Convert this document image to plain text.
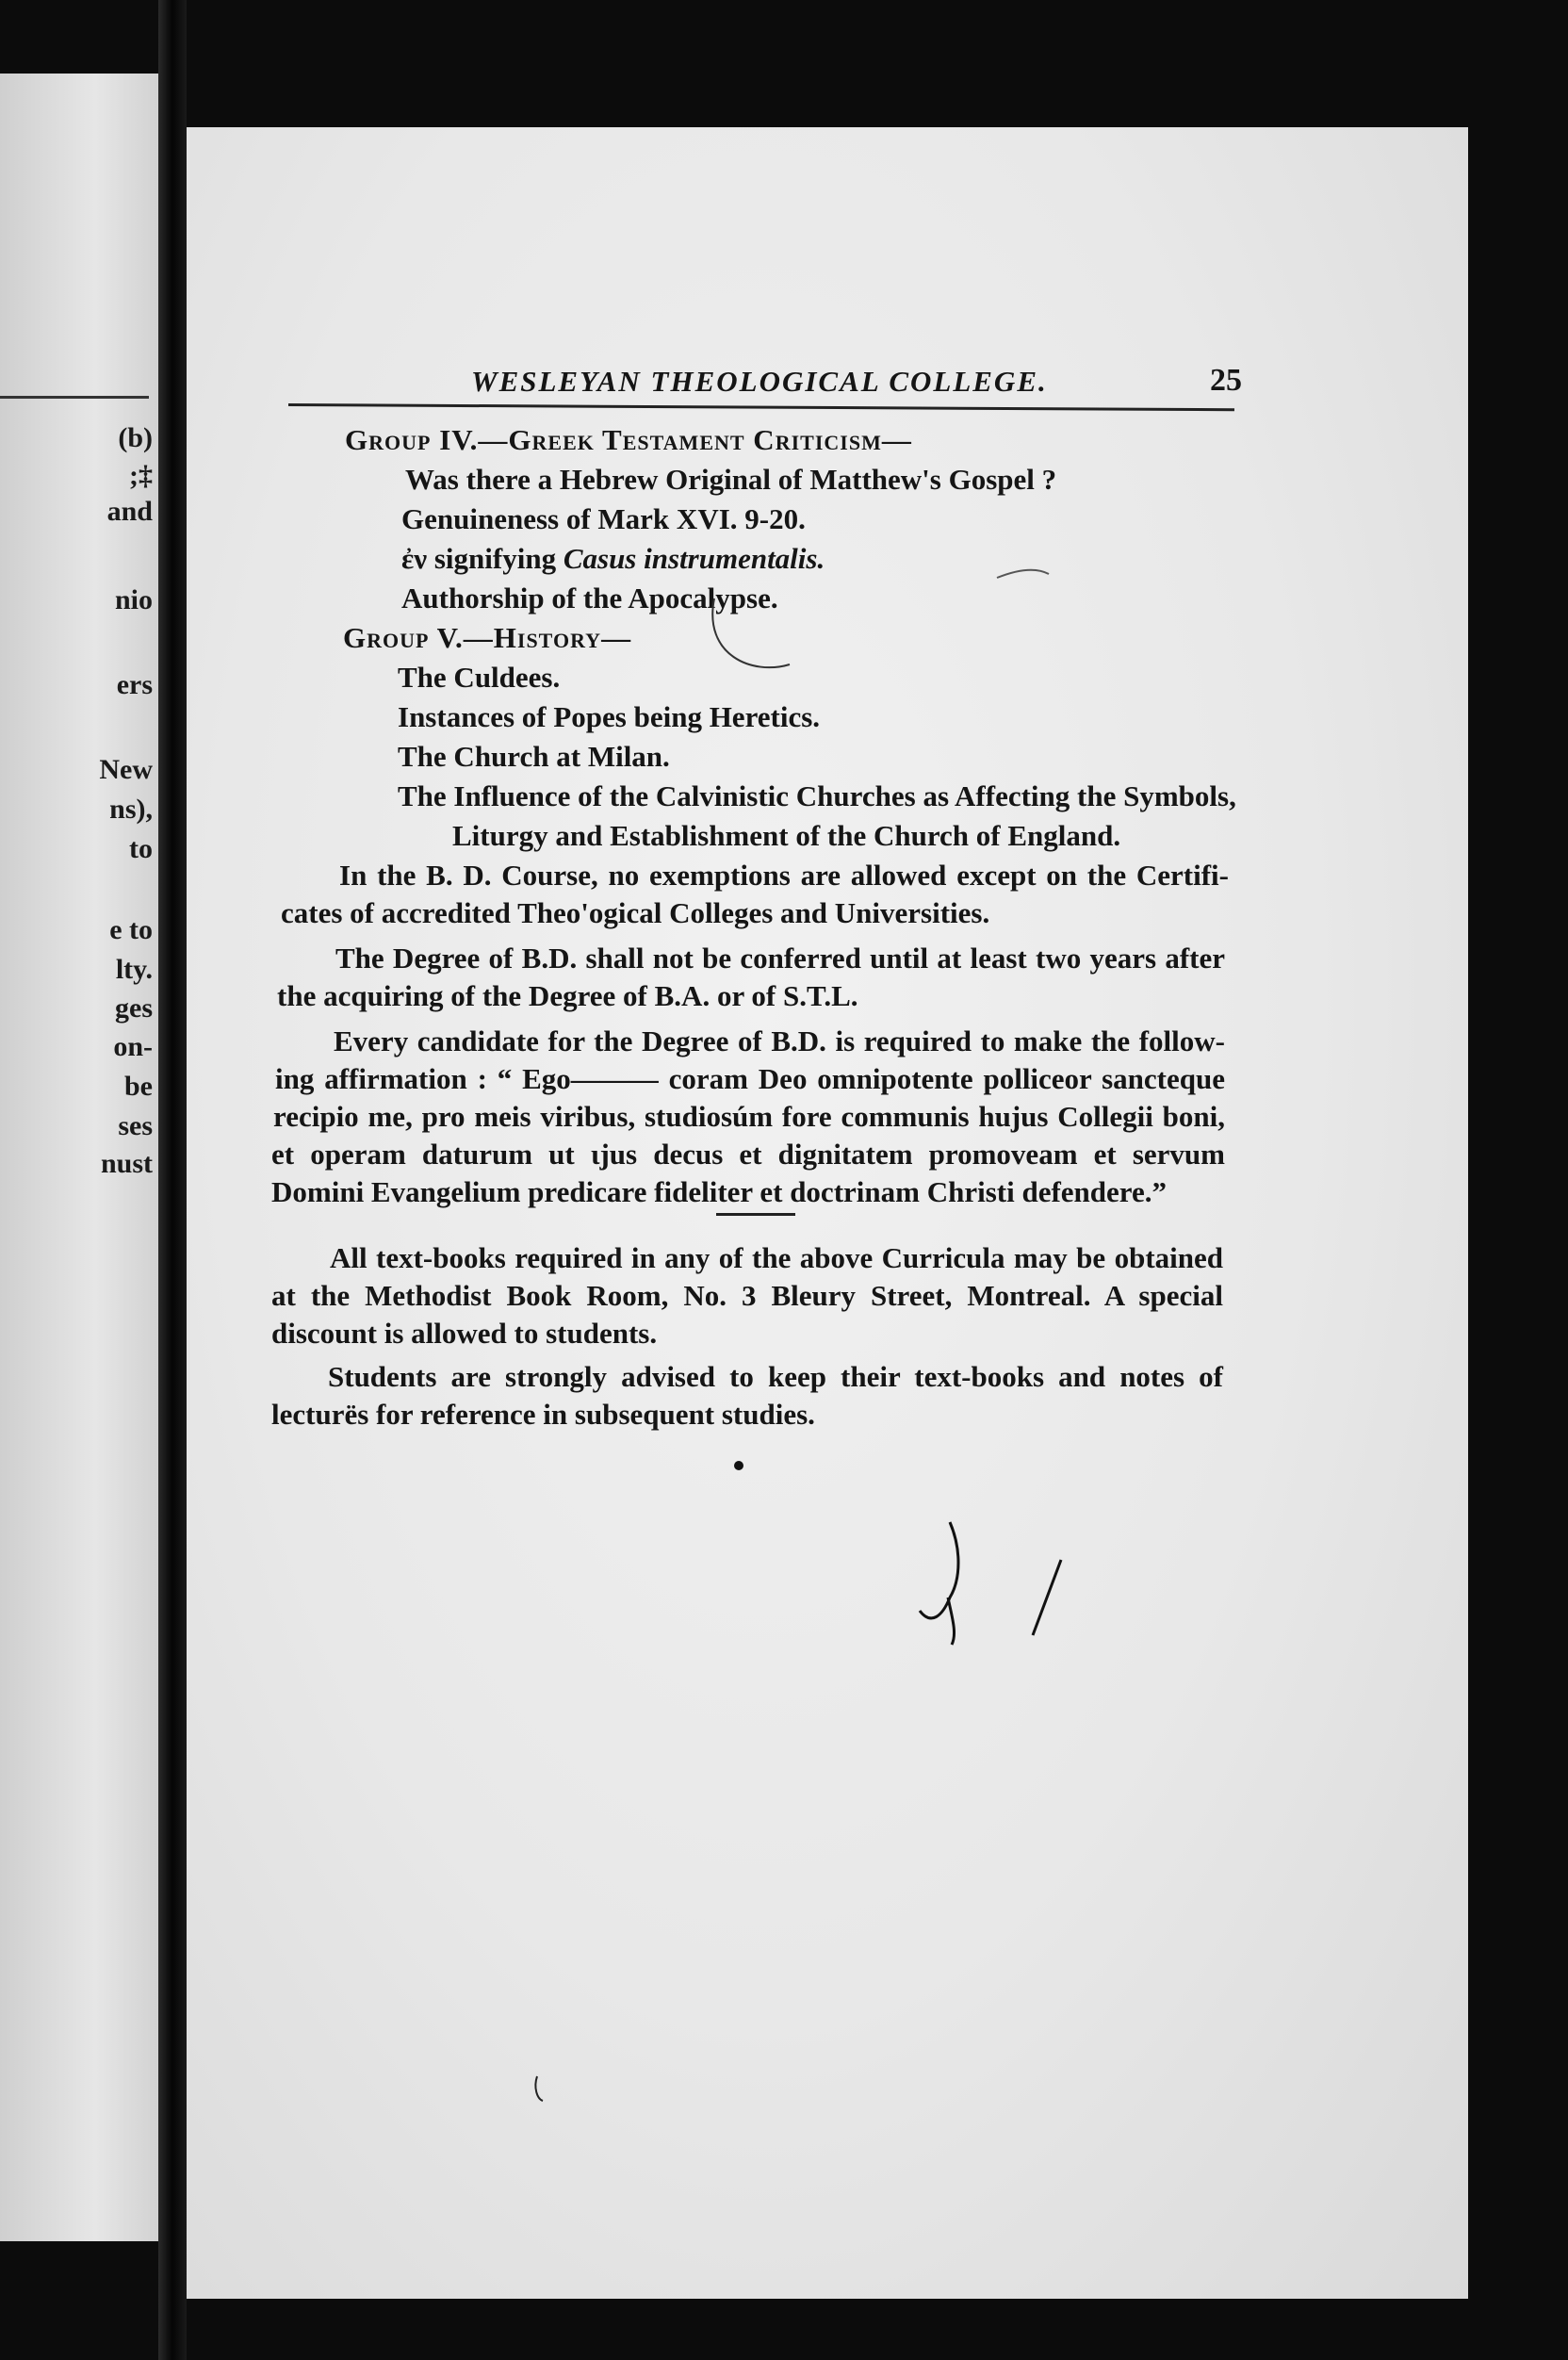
(b)
;‡
and
nio
ers
New
ns),
to
e to
lty.
ges
on-
be
ses
nust
WESLEYAN THEOLOGICAL COLLEGE.	25
Group IV.—Greek Testament Criticism—
Was there a Hebrew Original of Matthew's Gospel ?
Genuineness of Mark XVI. 9-20.
ἐν signifying Casus instrumentalis.
Authorship of the Apocalypse.
Group V.—History—
The Culdees.
Instances of Popes being Heretics.
The Church at Milan.
The Influence of the Calvinistic Churches as Affecting the Symbols,
Liturgy and Establishment of the Church of England.
In the B. D. Course, no exemptions are allowed except on the Certifi-
cates of accredited Theo'ogical Colleges and Universities.
The Degree of B.D. shall not be conferred until at least two years after
the acquiring of the Degree of B.A. or of S.T.L.
Every candidate for the Degree of B.D. is required to make the follow-
ing affirmation : “ Ego——— coram Deo omnipotente polliceor sancteque
recipio me, pro meis viribus, studiosúm fore communis hujus Collegii boni,
et operam daturum ut ɩjus decus et dignitatem promoveam et servum
Domini Evangelium predicare fideliter et doctrinam Christi defendere.”
All text-books required in any of the above Curricula may be obtained
at the Methodist Book Room, No. 3 Bleury Street, Montreal. A special
discount is allowed to students.
Students are strongly advised to keep their text-books and notes of
lecturës for reference in subsequent studies.
